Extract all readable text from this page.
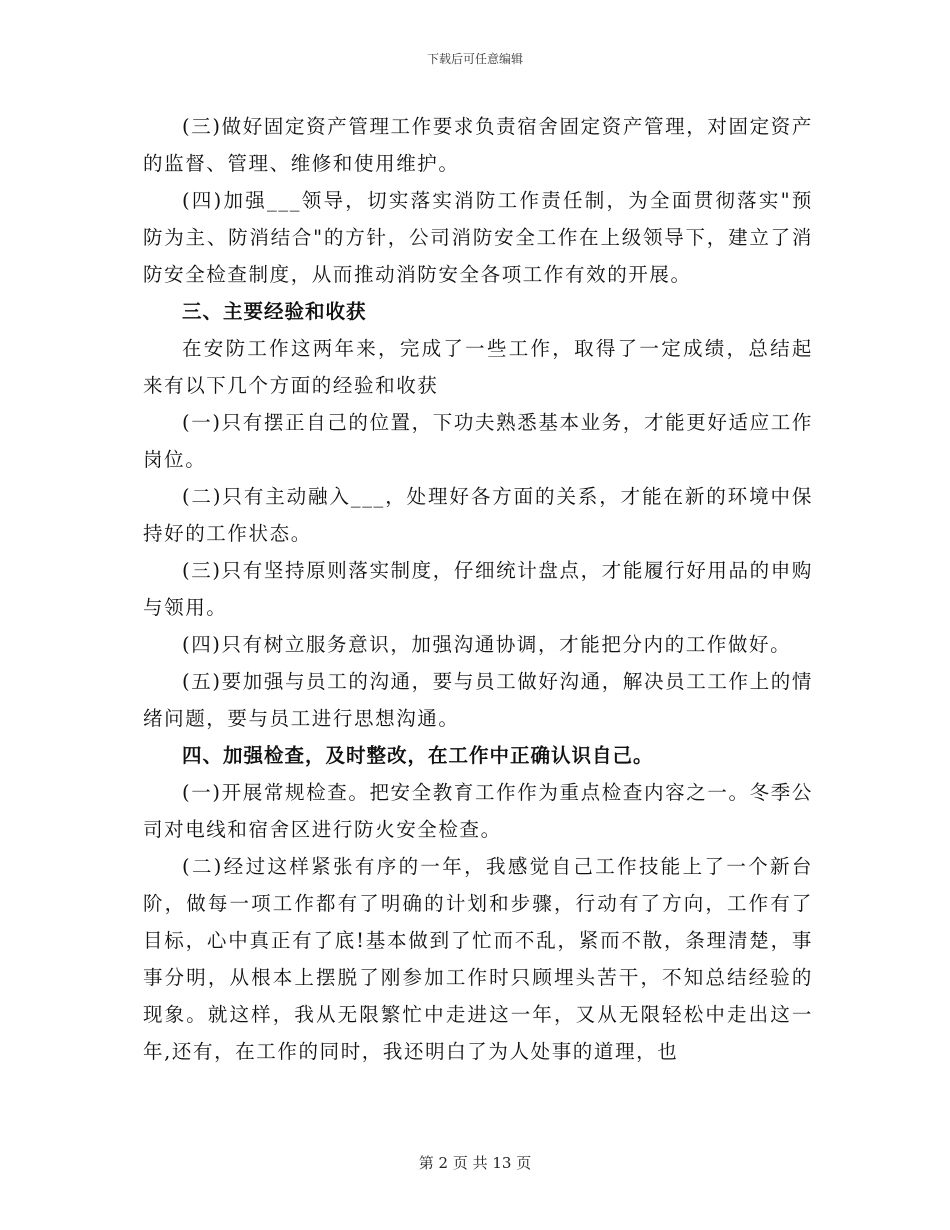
下载后可任意编辑

(三)做好固定资产管理工作要求负责宿舍固定资产管理，对固定资产的监督、管理、维修和使用维护。

(四)加强___领导，切实落实消防工作责任制，为全面贯彻落实"预防为主、防消结合"的方针，公司消防安全工作在上级领导下，建立了消防安全检查制度，从而推动消防安全各项工作有效的开展。

三、主要经验和收获

在安防工作这两年来，完成了一些工作，取得了一定成绩，总结起来有以下几个方面的经验和收获

(一)只有摆正自己的位置，下功夫熟悉基本业务，才能更好适应工作岗位。

(二)只有主动融入___，处理好各方面的关系，才能在新的环境中保持好的工作状态。

(三)只有坚持原则落实制度，仔细统计盘点，才能履行好用品的申购与领用。

(四)只有树立服务意识，加强沟通协调，才能把分内的工作做好。

(五)要加强与员工的沟通，要与员工做好沟通，解决员工工作上的情绪问题，要与员工进行思想沟通。

四、加强检查，及时整改，在工作中正确认识自己。

(一)开展常规检查。把安全教育工作作为重点检查内容之一。冬季公司对电线和宿舍区进行防火安全检查。

(二)经过这样紧张有序的一年，我感觉自己工作技能上了一个新台阶，做每一项工作都有了明确的计划和步骤，行动有了方向，工作有了目标，心中真正有了底!基本做到了忙而不乱，紧而不散，条理清楚，事事分明，从根本上摆脱了刚参加工作时只顾埋头苦干，不知总结经验的现象。就这样，我从无限繁忙中走进这一年，又从无限轻松中走出这一年,还有，在工作的同时，我还明白了为人处事的道理，也

第 2 页 共 13 页
